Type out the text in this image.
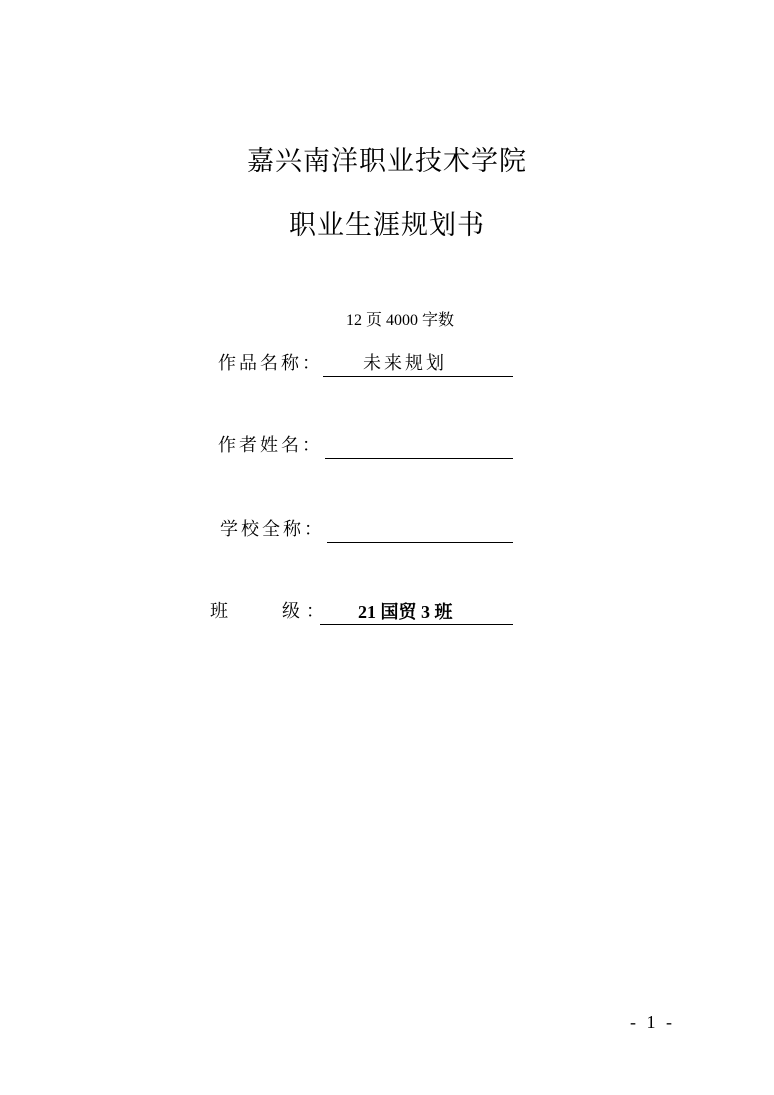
嘉兴南洋职业技术学院
职业生涯规划书
12 页 4000 字数
作品名称： 未来规划
作者姓名：
学校全称：
班　　级： 21 国贸 3 班
- 1 -
